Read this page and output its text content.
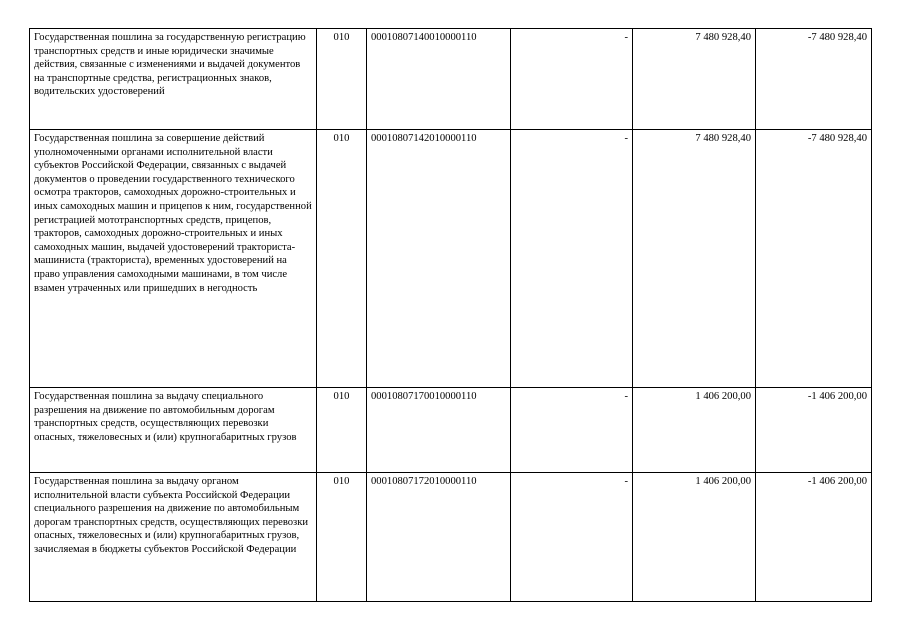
Государственная пошлина за государственную регистрацию транспортных средств и иные юридически значимые действия, связанные с изменениями и выдачей документов на транспортные средства, регистрационных знаков, водительских удостоверений	010	00010807140010000110	-	7 480 928,40	-7 480 928,40
Государственная пошлина за совершение действий уполномоченными органами исполнительной власти субъектов Российской Федерации, связанных с выдачей документов о проведении государственного технического осмотра тракторов, самоходных дорожно-строительных и иных самоходных машин и прицепов к ним, государственной регистрацией мототранспортных средств, прицепов, тракторов, самоходных дорожно-строительных и иных самоходных машин, выдачей удостоверений тракториста-машиниста (тракториста), временных удостоверений на право управления самоходными машинами, в том числе взамен утраченных или пришедших в негодность	010	00010807142010000110	-	7 480 928,40	-7 480 928,40
Государственная пошлина за выдачу специального разрешения на движение по автомобильным дорогам транспортных средств, осуществляющих перевозки опасных, тяжеловесных и (или) крупногабаритных грузов	010	00010807170010000110	-	1 406 200,00	-1 406 200,00
Государственная пошлина за выдачу органом исполнительной власти субъекта Российской Федерации специального разрешения на движение по автомобильным дорогам транспортных средств, осуществляющих перевозки опасных, тяжеловесных и (или) крупногабаритных грузов, зачисляемая в бюджеты субъектов Российской Федерации	010	00010807172010000110	-	1 406 200,00	-1 406 200,00
